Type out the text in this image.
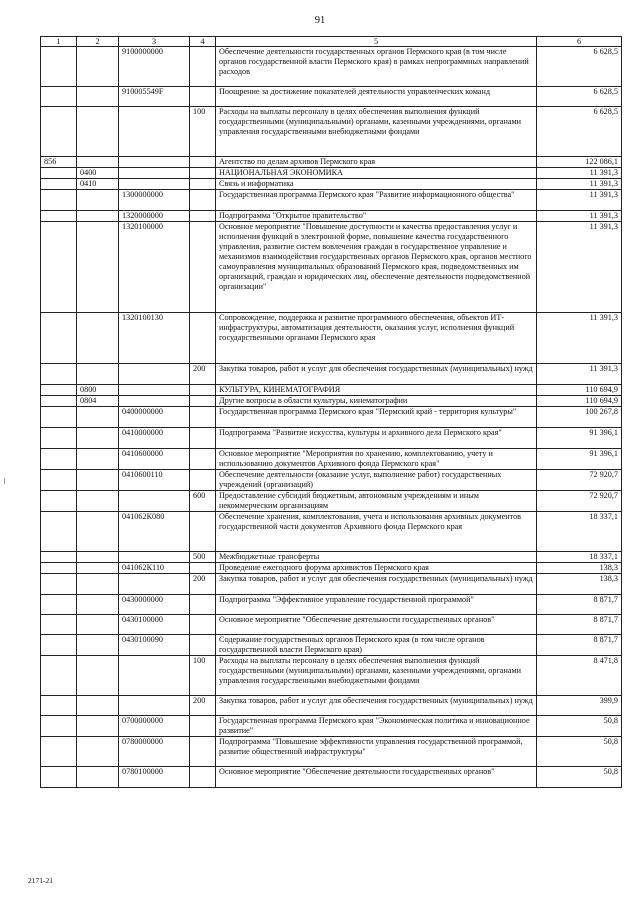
91
1	2	3	4	5	6
		9100000000		Обеспечение деятельности государственных органов Пермского края (в том числе органов государственной власти Пермского края) в рамках непрограммных направлений расходов	6 628,5
		910005549F		Поощрение за достижение показателей деятельности управленческих команд	6 628,5
			100	Расходы на выплаты персоналу в целях обеспечения выполнения функций государственными (муниципальными) органами, казенными учреждениями, органами управления государственными внебюджетными фондами	6 628,5
856				Агентство по делам архивов Пермского края	122 086,1
	0400			НАЦИОНАЛЬНАЯ ЭКОНОМИКА	11 391,3
	0410			Связь и информатика	11 391,3
		1300000000		Государственная программа Пермского края "Развитие информационного общества"	11 391,3
		1320000000		Подпрограмма "Открытое правительство"	11 391,3
		1320100000		Основное мероприятие "Повышение доступности и качества предоставления услуг и исполнения функций в электронной форме, повышение качества государственного управления, развитие систем вовлечения граждан в государственное управление и механизмов взаимодействия государственных органов Пермского края, органов местного самоуправления муниципальных образований Пермского края, подведомственных им организаций, граждан и юридических лиц, обеспечение деятельности подведомственной организации"	11 391,3
		1320100130		Сопровождение, поддержка и развитие программного обеспечения, объектов ИТ-инфраструктуры, автоматизация деятельности, оказания услуг, исполнения функций государственными органами Пермского края	11 391,3
			200	Закупка товаров, работ и услуг для обеспечения государственных (муниципальных) нужд	11 391,3
	0800			КУЛЬТУРА, КИНЕМАТОГРАФИЯ	110 694,9
	0804			Другие вопросы в области культуры, кинематографии	110 694,9
		0400000000		Государственная программа Пермского края "Пермский край - территория культуры"	100 267,8
		0410000000		Подпрограмма "Развитие искусства, культуры и архивного дела Пермского края"	91 396,1
		0410600000		Основное мероприятие "Мероприятия по хранению, комплектованию, учету и использованию документов Архивного фонда Пермского края"	91 396,1
		0410600110		Обеспечение деятельности (оказание услуг, выполнение работ) государственных учреждений (организаций)	72 920,7
			600	Предоставление субсидий бюджетным, автономным учреждениям и иным некоммерческим организациям	72 920,7
		041062К080		Обеспечение хранения, комплектования, учета и использования архивных документов государственной части документов Архивного фонда Пермского края	18 337,1
			500	Межбюджетные трансферты	18 337,1
		041062К110		Проведение ежегодного форума архивистов Пермского края	138,3
			200	Закупка товаров, работ и услуг для обеспечения государственных (муниципальных) нужд	138,3
		0430000000		Подпрограмма "Эффективное управление государственной программой"	8 871,7
		0430100000		Основное мероприятие "Обеспечение деятельности государственных органов"	8 871,7
		0430100090		Содержание государственных органов Пермского края (в том числе органов государственной власти Пермского края)	8 871,7
			100	Расходы на выплаты персоналу в целях обеспечения выполнения функций государственными (муниципальными) органами, казенными учреждениями, органами управления государственными внебюджетными фондами	8 471,8
			200	Закупка товаров, работ и услуг для обеспечения государственных (муниципальных) нужд	399,9
		0700000000		Государственная программа Пермского края "Экономическая политика и инновационное развитие"	50,8
		0780000000		Подпрограмма "Повышение эффективности управления государственной программой, развитие общественной инфраструктуры"	50,8
		0780100000		Основное мероприятие "Обеспечение деятельности государственных органов"	50,8
2171-21
